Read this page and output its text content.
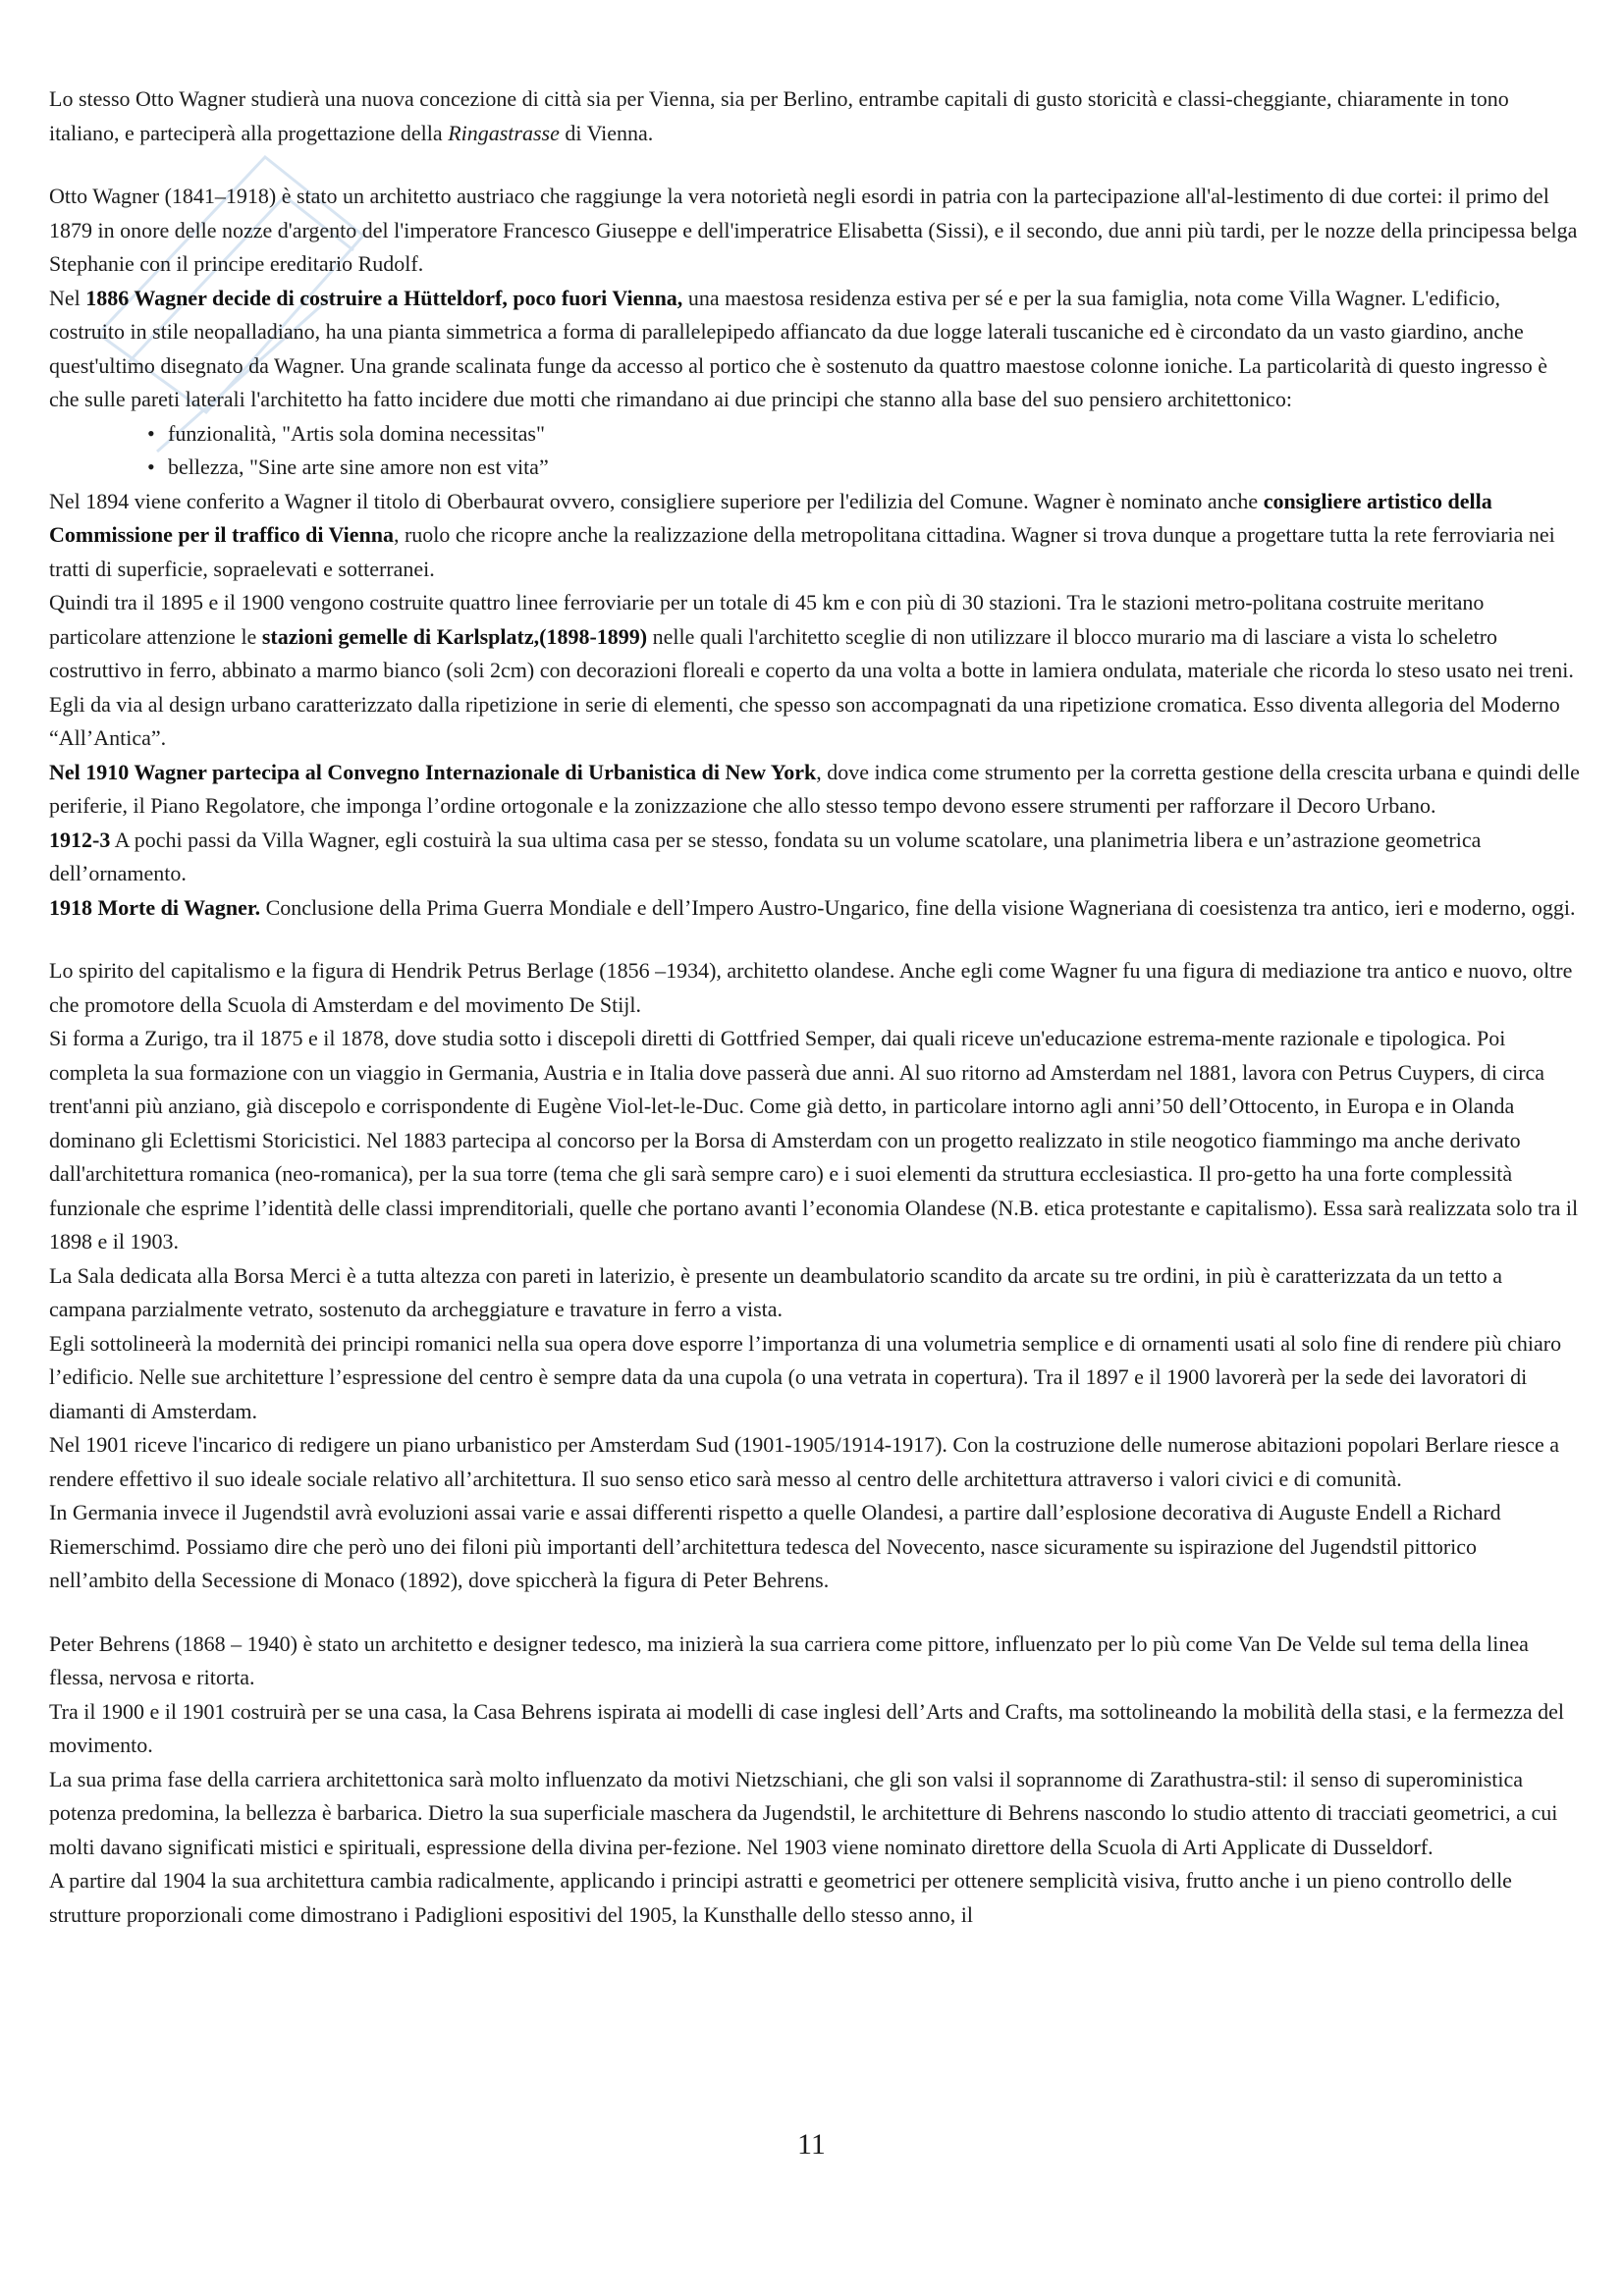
Lo stesso Otto Wagner studierà una nuova concezione di città sia per Vienna, sia per Berlino, entrambe capitali di gusto storicità e classi-cheggiante, chiaramente in tono italiano, e parteciperà alla progettazione della Ringastrasse di Vienna.

Otto Wagner (1841–1918) è stato un architetto austriaco che raggiunge la vera notorietà negli esordi in patria con la partecipazione all'al-lestimento di due cortei: il primo del 1879 in onore delle nozze d'argento del l'imperatore Francesco Giuseppe e dell'imperatrice Elisabetta (Sissi), e il secondo, due anni più tardi, per le nozze della principessa belga Stephanie con il principe ereditario Rudolf.

Nel 1886 Wagner decide di costruire a Hütteldorf, poco fuori Vienna, una maestosa residenza estiva per sé e per la sua famiglia, nota come Villa Wagner. L'edificio, costruito in stile neopalladiano, ha una pianta simmetrica a forma di parallelepipedo affiancato da due logge laterali tuscaniche ed è circondato da un vasto giardino, anche quest'ultimo disegnato da Wagner. Una grande scalinata funge da accesso al portico che è sostenuto da quattro maestose colonne ioniche. La particolarità di questo ingresso è che sulle pareti laterali l'architetto ha fatto incidere due motti che rimandano ai due principi che stanno alla base del suo pensiero architettonico:

• funzionalità, "Artis sola domina necessitas"
• bellezza, "Sine arte sine amore non est vita”

Nel 1894 viene conferito a Wagner il titolo di Oberbaurat ovvero, consigliere superiore per l'edilizia del Comune. Wagner è nominato anche consigliere artistico della Commissione per il traffico di Vienna, ruolo che ricopre anche la realizzazione della metropolitana cittadina. Wagner si trova dunque a progettare tutta la rete ferroviaria nei tratti di superficie, sopraelevati e sotterranei.

Quindi tra il 1895 e il 1900 vengono costruite quattro linee ferroviarie per un totale di 45 km e con più di 30 stazioni. Tra le stazioni metro-politana costruite meritano particolare attenzione le stazioni gemelle di Karlsplatz,(1898-1899) nelle quali l'architetto sceglie di non utilizzare il blocco murario ma di lasciare a vista lo scheletro costruttivo in ferro, abbinato a marmo bianco (soli 2cm) con decorazioni floreali e coperto da una volta a botte in lamiera ondulata, materiale che ricorda lo steso usato nei treni. Egli da via al design urbano caratterizzato dalla ripetizione in serie di elementi, che spesso son accompagnati da una ripetizione cromatica. Esso diventa allegoria del Moderno “All’Antica”.

Nel 1910 Wagner partecipa al Convegno Internazionale di Urbanistica di New York, dove indica come strumento per la corretta gestione della crescita urbana e quindi delle periferie, il Piano Regolatore, che imponga l’ordine ortogonale e la zonizzazione che allo stesso tempo devono essere strumenti per rafforzare il Decoro Urbano.

1912-3 A pochi passi da Villa Wagner, egli costuirà la sua ultima casa per se stesso, fondata su un volume scatolare, una planimetria libera e un’astrazione geometrica dell’ornamento.

1918 Morte di Wagner. Conclusione della Prima Guerra Mondiale e dell’Impero Austro-Ungarico, fine della visione Wagneriana di coesistenza tra antico, ieri e moderno, oggi.

Lo spirito del capitalismo e la figura di Hendrik Petrus Berlage (1856 –1934), architetto olandese. Anche egli come Wagner fu una figura di mediazione tra antico e nuovo, oltre che promotore della Scuola di Amsterdam e del movimento De Stijl.

Si forma a Zurigo, tra il 1875 e il 1878, dove studia sotto i discepoli diretti di Gottfried Semper, dai quali riceve un'educazione estrema-mente razionale e tipologica. Poi completa la sua formazione con un viaggio in Germania, Austria e in Italia dove passerà due anni. Al suo ritorno ad Amsterdam nel 1881, lavora con Petrus Cuypers, di circa trent'anni più anziano, già discepolo e corrispondente di Eugène Viol-let-le-Duc. Come già detto, in particolare intorno agli anni’50 dell’Ottocento, in Europa e in Olanda dominano gli Eclettismi Storicistici. Nel 1883 partecipa al concorso per la Borsa di Amsterdam con un progetto realizzato in stile neogotico fiammingo ma anche derivato dall'architettura romanica (neo-romanica), per la sua torre (tema che gli sarà sempre caro) e i suoi elementi da struttura ecclesiastica. Il pro-getto ha una forte complessità funzionale che esprime l’identità delle classi imprenditoriali, quelle che portano avanti l’economia Olandese (N.B. etica protestante e capitalismo). Essa sarà realizzata solo tra il 1898 e il 1903.

La Sala dedicata alla Borsa Merci è a tutta altezza con pareti in laterizio, è presente un deambulatorio scandito da arcate su tre ordini, in più è caratterizzata da un tetto a campana parzialmente vetrato, sostenuto da archeggiature e travature in ferro a vista.

Egli sottolineerà la modernità dei principi romanici nella sua opera dove esporre l’importanza di una volumetria semplice e di ornamenti usati al solo fine di rendere più chiaro l’edificio. Nelle sue architetture l’espressione del centro è sempre data da una cupola (o una vetrata in copertura). Tra il 1897 e il 1900 lavorerà per la sede dei lavoratori di diamanti di Amsterdam.

Nel 1901 riceve l'incarico di redigere un piano urbanistico per Amsterdam Sud (1901-1905/1914-1917). Con la costruzione delle numerose abitazioni popolari Berlare riesce a rendere effettivo il suo ideale sociale relativo all’architettura. Il suo senso etico sarà messo al centro delle architettura attraverso i valori civici e di comunità.

In Germania invece il Jugendstil avrà evoluzioni assai varie e assai differenti rispetto a quelle Olandesi, a partire dall’esplosione decorativa di Auguste Endell a Richard Riemerschimd. Possiamo dire che però uno dei filoni più importanti dell’architettura tedesca del Novecento, nasce sicuramente su ispirazione del Jugendstil pittorico nell’ambito della Secessione di Monaco (1892), dove spiccherà la figura di Peter Behrens.

Peter Behrens (1868 – 1940) è stato un architetto e designer tedesco, ma inizierà la sua carriera come pittore, influenzato per lo più come Van De Velde sul tema della linea flessa, nervosa e ritorta.

Tra il 1900 e il 1901 costruirà per se una casa, la Casa Behrens ispirata ai modelli di case inglesi dell’Arts and Crafts, ma sottolineando la mobilità della stasi, e la fermezza del movimento.

La sua prima fase della carriera architettonica sarà molto influenzato da motivi Nietzschiani, che gli son valsi il soprannome di Zarathustra-stil: il senso di superoministica potenza predomina, la bellezza è barbarica. Dietro la sua superficiale maschera da Jugendstil, le architetture di Behrens nascondo lo studio attento di tracciati geometrici, a cui molti davano significati mistici e spirituali, espressione della divina per-fezione. Nel 1903 viene nominato direttore della Scuola di Arti Applicate di Dusseldorf.

A partire dal 1904 la sua architettura cambia radicalmente, applicando i principi astratti e geometrici per ottenere semplicità visiva, frutto anche i un pieno controllo delle strutture proporzionali come dimostrano i Padiglioni espositivi del 1905, la Kunsthalle dello stesso anno, il

11
